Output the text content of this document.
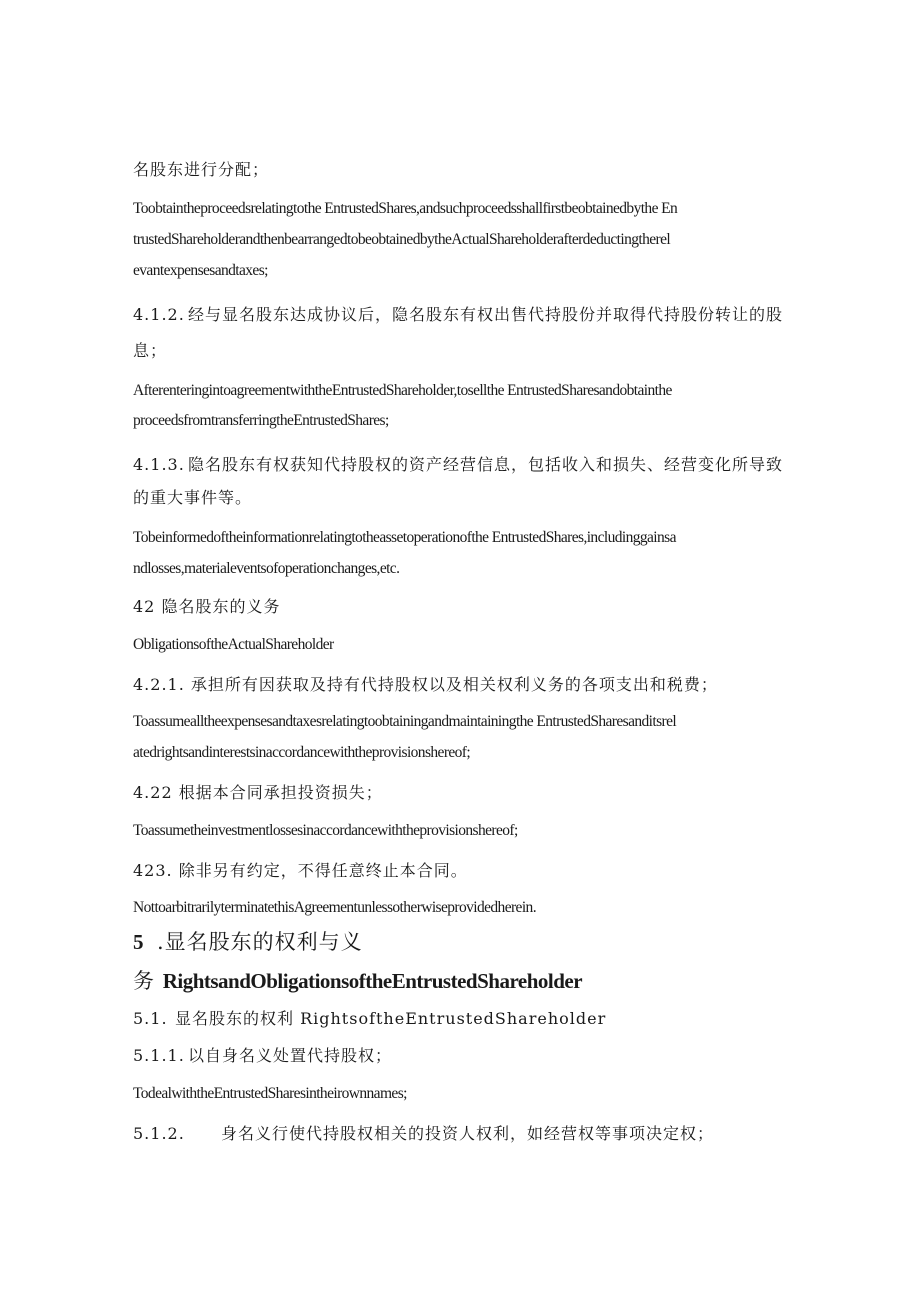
名股东进行分配；

Toobtaintheproceedsrelatingtothe EntrustedShares,andsuchproceedsshallfirstbeobtainedbythe En

trustedShareholderandthenbearrangedtobeobtainedbytheActualShareholderafterdeductingtherel

evantexpensesandtaxes;

4.1.2. 经与显名股东达成协议后，隐名股东有权出售代持股份并取得代持股份转让的股

息；

AfterenteringintoagreementwiththeEntrustedShareholder,tosellthe EntrustedSharesandobtainthe

proceedsfromtransferringtheEntrustedShares;

4.1.3. 隐名股东有权获知代持股权的资产经营信息，包括收入和损失、经营变化所导致

的重大事件等。

Tobeinformedoftheinformationrelatingtotheassetoperationofthe EntrustedShares,includinggainsa

ndlosses,materialeventsofoperationchanges,etc.

42 隐名股东的义务

ObligationsoftheActualShareholder

4.2.1. 承担所有因获取及持有代持股权以及相关权利义务的各项支出和税费；

Toassumealltheexpensesandtaxesrelatingtoobtainingandmaintainingthe EntrustedSharesanditsrel

atedrightsandinterestsinaccordancewiththeprovisionshereof;

4.22 根据本合同承担投资损失；

Toassumetheinvestmentlossesinaccordancewiththeprovisionshereof;

423. 除非另有约定，不得任意终止本合同。

NottoarbitrarilyterminatethisAgreementunlessotherwiseprovidedherein.

5 .显名股东的权利与义

务 RightsandObligationsoftheEntrustedShareholder

5.1. 显名股东的权利 RightsoftheEntrustedShareholder

5.1.1. 以自身名义处置代持股权；

TodealwiththeEntrustedSharesintheirownnames;

5.1.2. 身名义行使代持股权相关的投资人权利，如经营权等事项决定权；
